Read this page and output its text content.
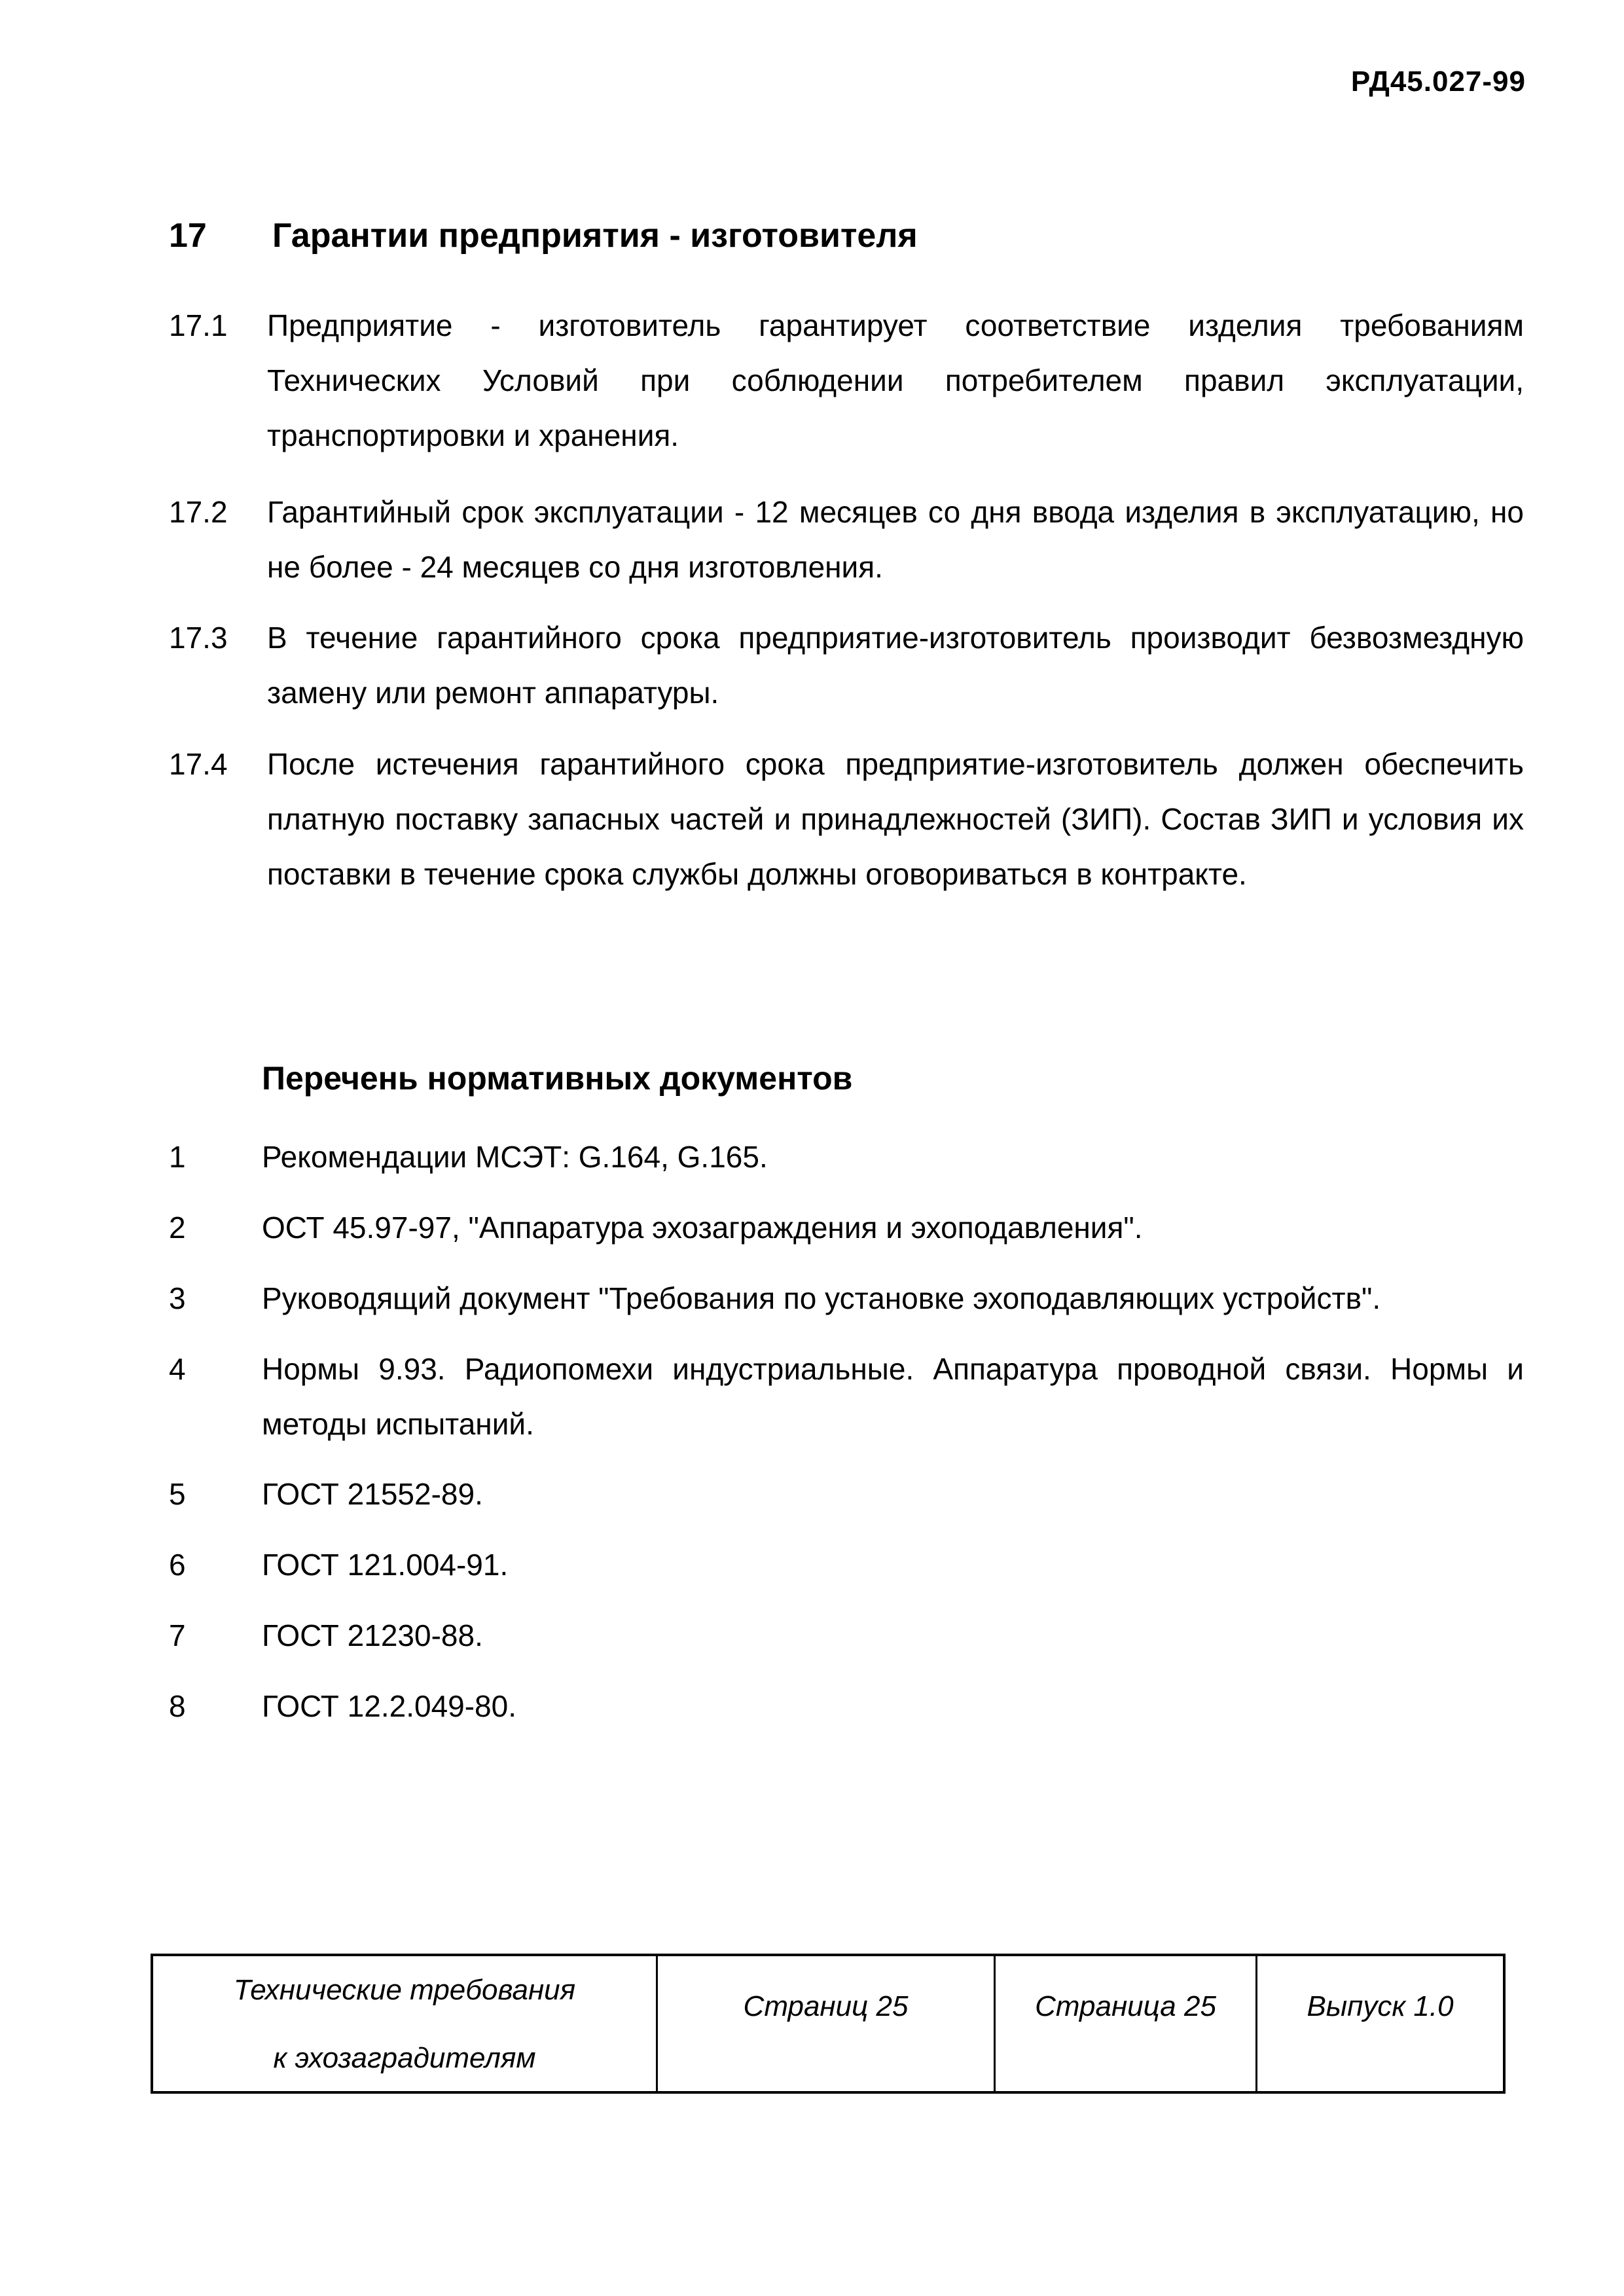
РД45.027-99
17 Гарантии предприятия - изготовителя
17.1 Предприятие - изготовитель гарантирует соответствие изделия требованиям Технических Условий при соблюдении потребителем правил эксплуатации, транспортировки и хранения.
17.2 Гарантийный срок эксплуатации - 12 месяцев со дня ввода изделия в эксплуатацию, но не более - 24 месяцев со дня изготовления.
17.3 В течение гарантийного срока предприятие-изготовитель производит безвозмездную замену или ремонт аппаратуры.
17.4 После истечения гарантийного срока предприятие-изготовитель должен обеспечить платную поставку запасных частей и принадлежностей (ЗИП). Состав ЗИП и условия их поставки в течение срока службы должны оговориваться в контракте.
Перечень нормативных документов
1	Рекомендации МСЭТ: G.164, G.165.
2	ОСТ 45.97-97, "Аппаратура эхозаграждения и эхоподавления".
3	Руководящий документ "Требования по установке эхоподавляющих устройств".
4	Нормы 9.93. Радиопомехи индустриальные. Аппаратура проводной связи. Нормы и методы испытаний.
5	ГОСТ 21552-89.
6	ГОСТ 121.004-91.
7	ГОСТ 21230-88.
8	ГОСТ 12.2.049-80.
Технические требования
к эхозаградителям
Страниц 25	Страница 25	Выпуск 1.0
